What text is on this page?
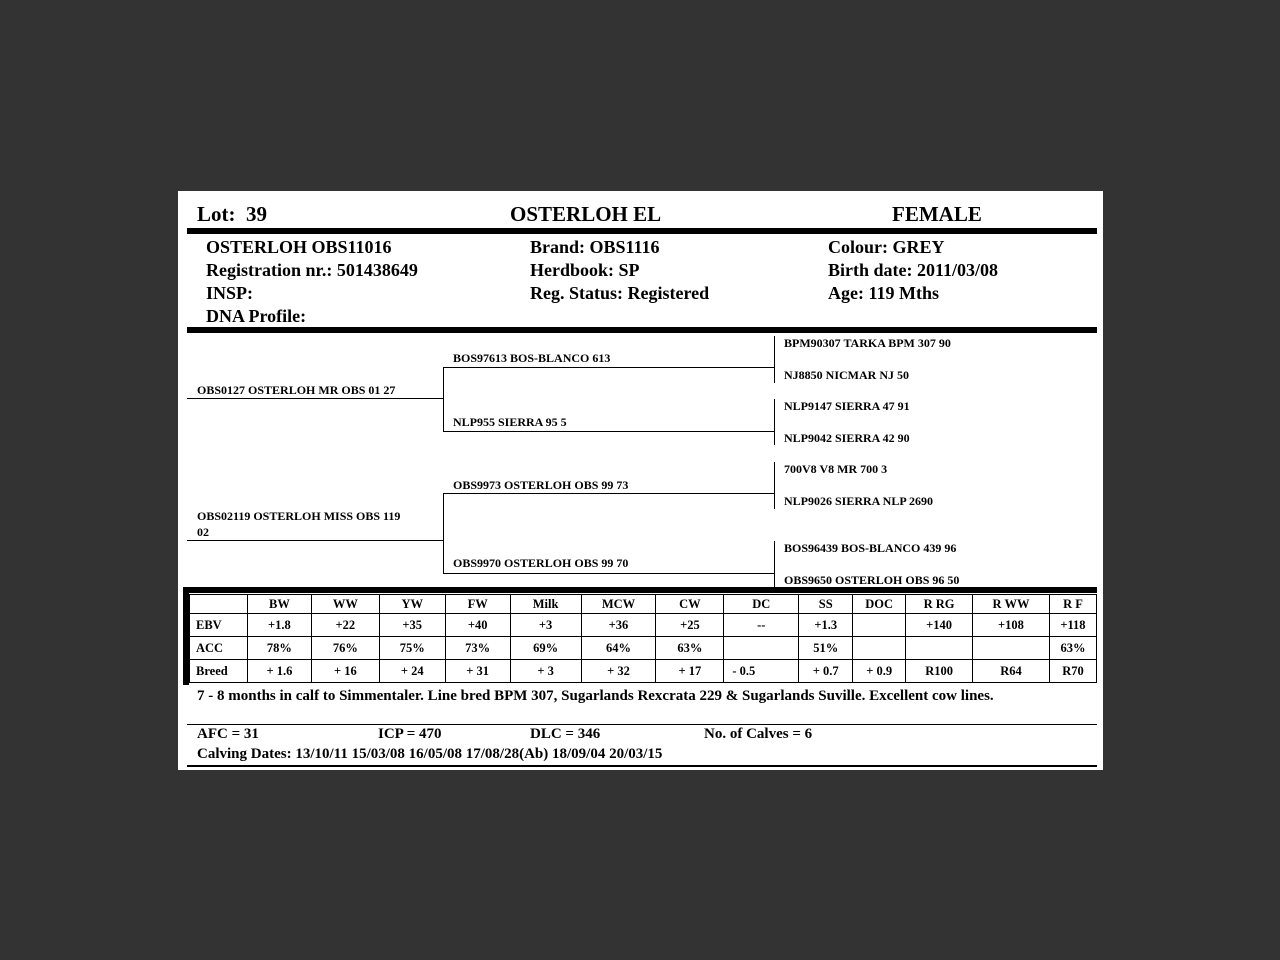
Lot: 39	OSTERLOH EL	FEMALE
OSTERLOH OBS11016
Registration nr.: 501438649
INSP:
DNA Profile:
Brand: OBS1116
Herdbook: SP
Reg. Status: Registered
Colour: GREY
Birth date: 2011/03/08
Age: 119 Mths
OBS0127 OSTERLOH MR OBS 01 27
OBS02119 OSTERLOH MISS OBS 119
02
BOS97613 BOS-BLANCO 613
NLP955 SIERRA 95 5
OBS9973 OSTERLOH OBS 99 73
OBS9970 OSTERLOH OBS 99 70
BPM90307 TARKA BPM 307 90
NJ8850 NICMAR NJ 50
NLP9147 SIERRA 47 91
NLP9042 SIERRA 42 90
700V8 V8 MR 700 3
NLP9026 SIERRA NLP 2690
BOS96439 BOS-BLANCO 439 96
OBS9650 OSTERLOH OBS 96 50
	BW	WW	YW	FW	Milk	MCW	CW	DC	SS	DOC	R RG	R WW	R F
EBV	+1.8	+22	+35	+40	+3	+36	+25	--	+1.3		+140	+108	+118
ACC	78%	76%	75%	73%	69%	64%	63%		51%				63%
Breed	+ 1.6	+ 16	+ 24	+ 31	+ 3	+ 32	+ 17	- 0.5	+ 0.7	+ 0.9	R100	R64	R70
7 - 8 months in calf to Simmentaler. Line bred BPM 307, Sugarlands Rexcrata 229 & Sugarlands Suville. Excellent cow lines.
AFC = 31	ICP = 470	DLC = 346	No. of Calves = 6
Calving Dates: 13/10/11 15/03/08 16/05/08 17/08/28(Ab) 18/09/04 20/03/15
